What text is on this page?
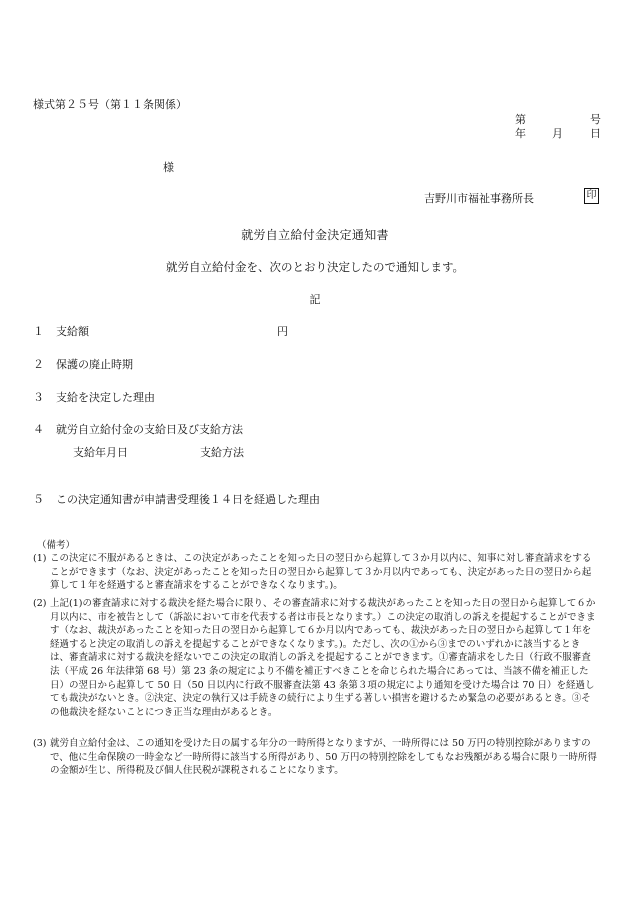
様式第２５号（第１１条関係）
第	号
年 月 日
様
吉野川市福祉事務所長	印
就労自立給付金決定通知書
就労自立給付金を、次のとおり決定したので通知します。
記
１ 支給額	円
２ 保護の廃止時期
３ 支給を決定した理由
４ 就労自立給付金の支給日及び支給方法
支給年月日	支給方法
５ この決定通知書が申請書受理後１４日を経過した理由
（備考）
(1) この決定に不服があるときは、この決定があったことを知った日の翌日から起算して３か月以内に、知事に対し審査請求をすることができます（なお、決定があったことを知った日の翌日から起算して３か月以内であっても、決定があった日の翌日から起算して１年を経過すると審査請求をすることができなくなります。)。
(2) 上記(1)の審査請求に対する裁決を経た場合に限り、その審査請求に対する裁決があったことを知った日の翌日から起算して６か月以内に、市を被告として（訴訟において市を代表する者は市長となります。）この決定の取消しの訴えを提起することができます（なお、裁決があったことを知った日の翌日から起算して６か月以内であっても、裁決があった日の翌日から起算して１年を経過すると決定の取消しの訴えを提起することができなくなります。)。ただし、次の①から③までのいずれかに該当するときは、審査請求に対する裁決を経ないでこの決定の取消しの訴えを提起することができます。①審査請求をした日（行政不服審査法（平成 26 年法律第 68 号）第 23 条の規定により不備を補正すべきことを命じられた場合にあっては、当該不備を補正した日）の翌日から起算して 50 日（50 日以内に行政不服審査法第 43 条第３項の規定により通知を受けた場合は 70 日）を経過しても裁決がないとき。②決定、決定の執行又は手続きの続行により生ずる著しい損害を避けるため緊急の必要があるとき。③その他裁決を経ないことにつき正当な理由があるとき。
(3) 就労自立給付金は、この通知を受けた日の属する年分の一時所得となりますが、一時所得には 50 万円の特別控除がありますので、他に生命保険の一時金など一時所得に該当する所得があり、50 万円の特別控除をしてもなお残額がある場合に限り一時所得の金額が生じ、所得税及び個人住民税が課税されることになります。
